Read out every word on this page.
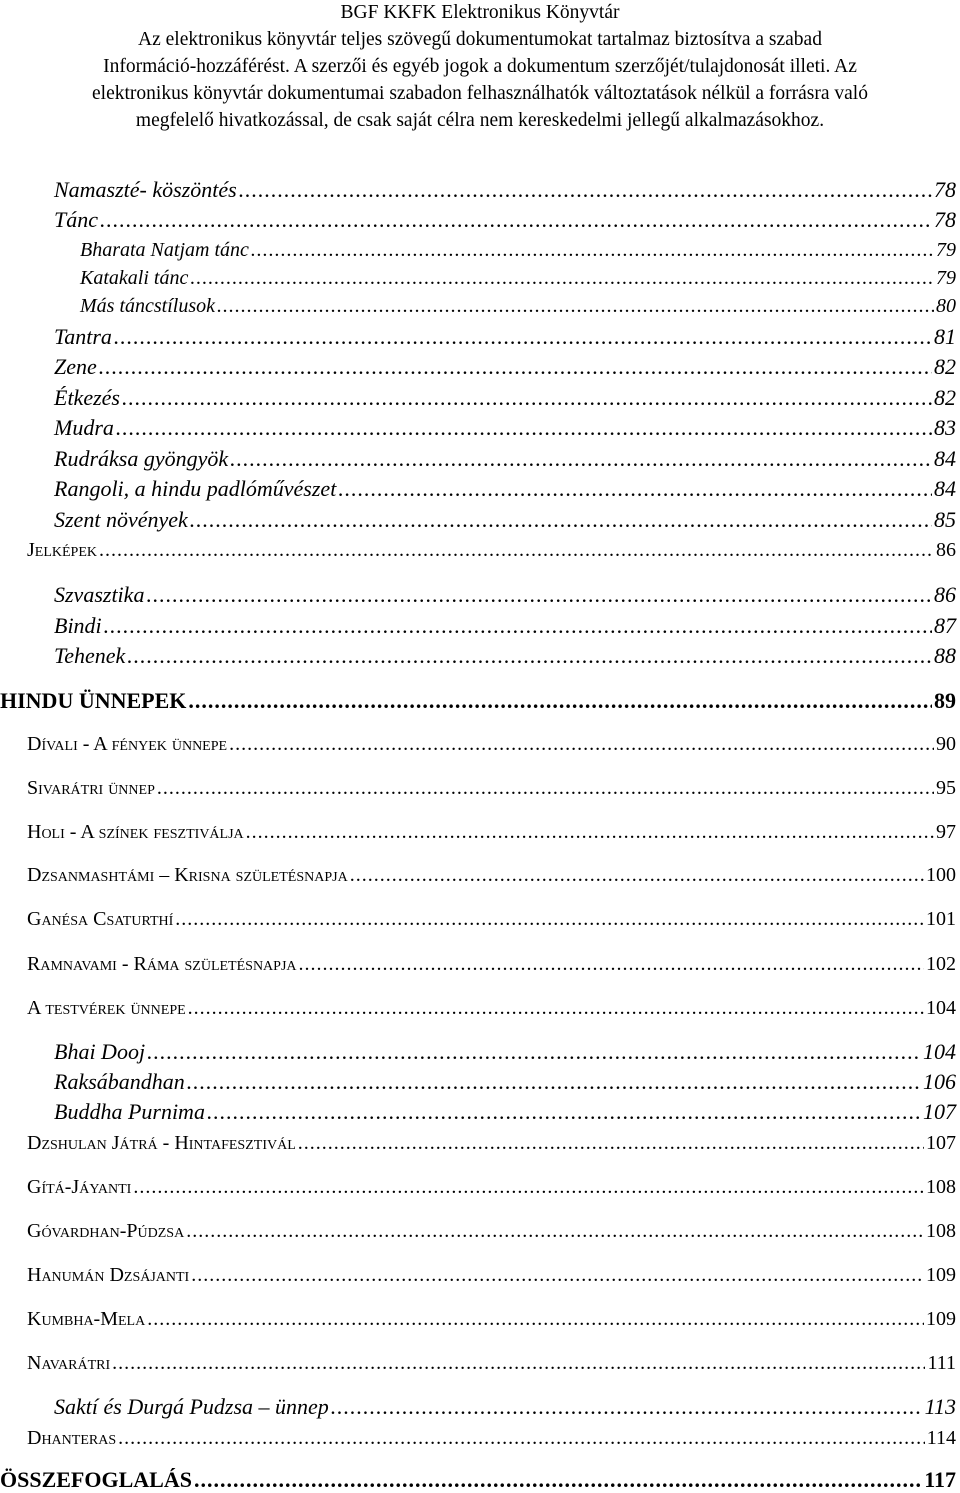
BGF KKFK Elektronikus Könyvtár
Az elektronikus könyvtár teljes szövegű dokumentumokat tartalmaz biztosítva a szabad
Információ-hozzáférést. A szerzői és egyéb jogok a dokumentum szerzőjét/tulajdonosát illeti. Az
elektronikus könyvtár dokumentumai szabadon felhasználhatók változtatások nélkül a forrásra való
megfelelő hivatkozással, de csak saját célra nem kereskedelmi jellegű alkalmazásokhoz.
Namaszté- köszöntés .....	78
Tánc .....	78
Bharata Natjam tánc .....	79
Katakali tánc .....	79
Más táncstílusok .....	80
Tantra .....	81
Zene .....	82
Étkezés .....	82
Mudra .....	83
Rudráksa gyöngyök .....	84
Rangoli, a hindu padlóművészet .....	84
Szent növények .....	85
Jelképek .....	86
Szvasztika .....	86
Bindi .....	87
Tehenek .....	88
HINDU ÜNNEPEK .....	89
Dívali - A fények ünnepe .....	90
Sivarátri ünnep .....	95
Holi - A színek fesztiválja .....	97
Dzsanmashtámi – Krisna születésnapja .....	100
Ganésa Csaturthí .....	101
Ramnavami - Ráma születésnapja .....	102
A testvérek ünnepe .....	104
Bhai Dooj .....	104
Raksábandhan .....	106
Buddha Purnima .....	107
Dzshulan Játrá - Hintafesztivál .....	107
Gítá-Jáyanti .....	108
Góvardhan-Púdzsa .....	108
Hanumán Dzsájanti .....	109
Kumbha-Mela .....	109
Navarátri .....	111
Saktí és Durgá Pudzsa – ünnep .....	113
Dhanteras .....	114
ÖSSZEFOGLALÁS .....	117
